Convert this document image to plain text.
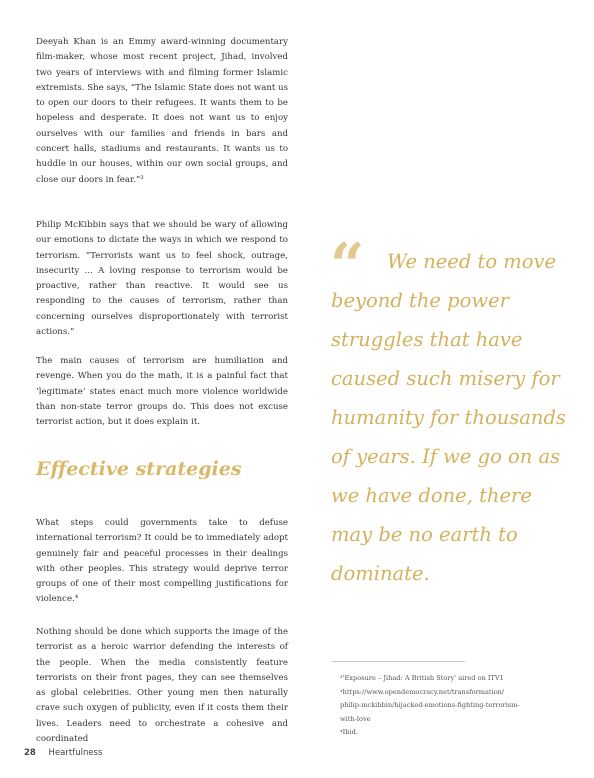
Deeyah Khan is an Emmy award-winning documentary film-maker, whose most recent project, Jihad, involved two years of interviews with and filming former Islamic extremists. She says, “The Islamic State does not want us to open our doors to their refugees. It wants them to be hopeless and desperate. It does not want us to enjoy ourselves with our families and friends in bars and concert halls, stadiums and restaurants. It wants us to huddle in our houses, within our own social groups, and close our doors in fear.”³

Philip McKibbin says that we should be wary of allowing our emotions to dictate the ways in which we respond to terrorism. “Terrorists want us to feel shock, outrage, insecurity … A loving response to terrorism would be proactive, rather than reactive. It would see us responding to the causes of terrorism, rather than concerning ourselves disproportionately with terrorist actions.”

The main causes of terrorism are humiliation and revenge. When you do the math, it is a painful fact that ‘legitimate’ states enact much more violence worldwide than non-state terror groups do. This does not excuse terrorist action, but it does explain it.

Effective strategies

What steps could governments take to defuse international terrorism? It could be to immediately adopt genuinely fair and peaceful processes in their dealings with other peoples. This strategy would deprive terror groups of one of their most compelling justifications for violence.⁴

Nothing should be done which supports the image of the terrorist as a heroic warrior defending the interests of the people. When the media consistently feature terrorists on their front pages, they can see themselves as global celebrities. Other young men then naturally crave such oxygen of publicity, even if it costs them their lives. Leaders need to orchestrate a cohesive and coordinated

“	We need to move beyond the power struggles that have caused such misery for humanity for thousands of years. If we go on as we have done, there may be no earth to dominate.

³'Exposure – Jihad: A British Story' aired on ITV1
⁴https://www.opendemocracy.net/transformation/
philip-mckibbin/hijacked-emotions-fighting-terrorism-
with-love
⁴Ibid.
28 Heartfulness
